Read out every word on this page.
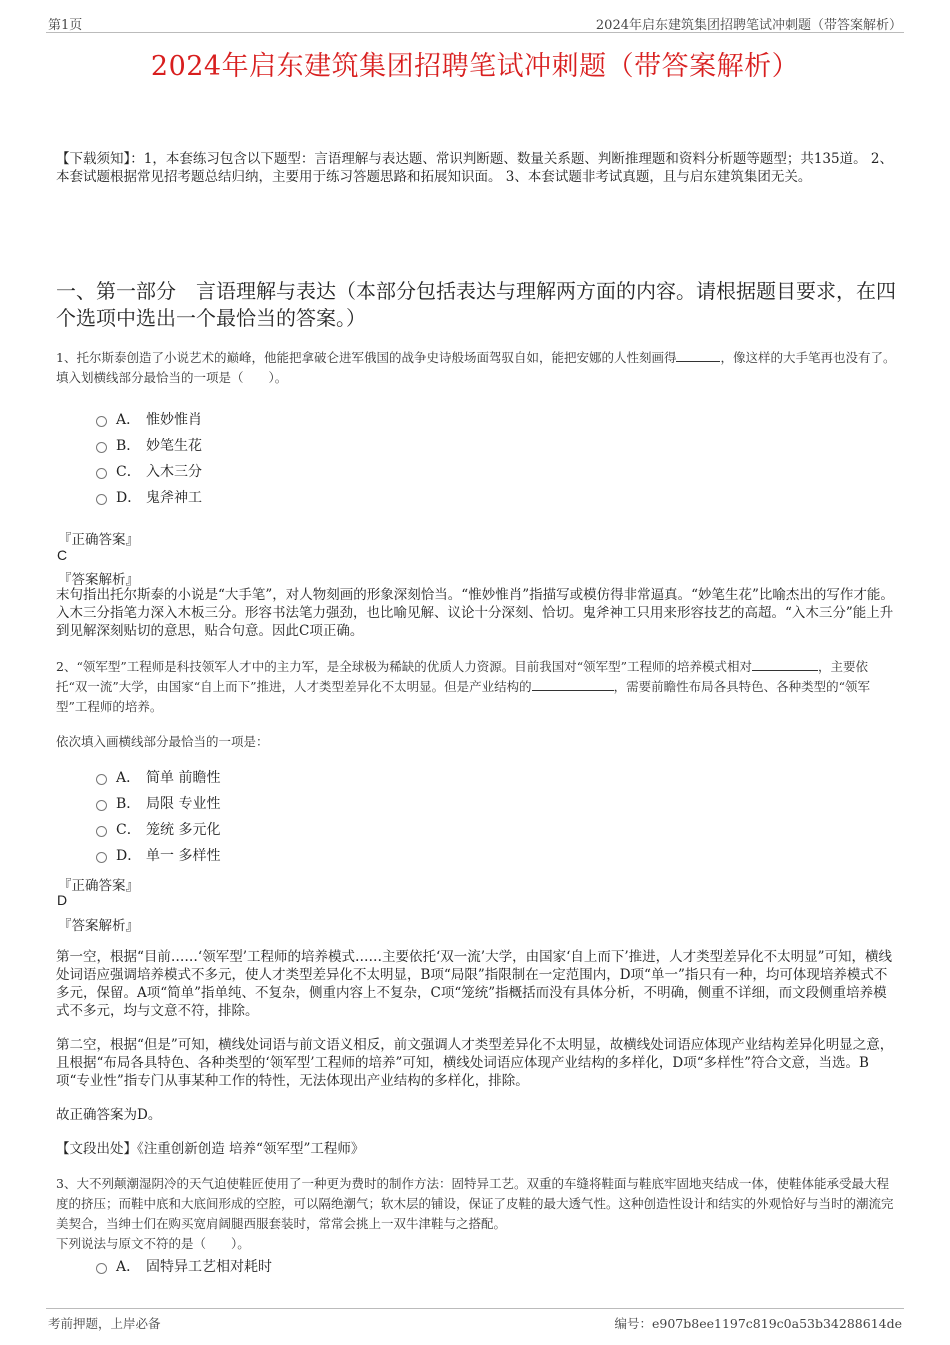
第1页	2024年启东建筑集团招聘笔试冲刺题（带答案解析）
2024年启东建筑集团招聘笔试冲刺题（带答案解析）
【下载须知】：1，本套练习包含以下题型：言语理解与表达题、常识判断题、数量关系题、判断推理题和资料分析题等题型；共135道。 2、本套试题根据常见招考题总结归纳，主要用于练习答题思路和拓展知识面。 3、本套试题非考试真题，且与启东建筑集团无关。
一、第一部分　言语理解与表达（本部分包括表达与理解两方面的内容。请根据题目要求，在四个选项中选出一个最恰当的答案。）
1、托尔斯泰创造了小说艺术的巅峰，他能把拿破仑进军俄国的战争史诗般场面驾驭自如，能把安娜的人性刻画得	，像这样的大手笔再也没有了。
填入划横线部分最恰当的一项是（　　）。
A． 惟妙惟肖
B． 妙笔生花
C． 入木三分
D． 鬼斧神工
『正确答案』
C
『答案解析』
末句指出托尔斯泰的小说是“大手笔”，对人物刻画的形象深刻恰当。“惟妙惟肖”指描写或模仿得非常逼真。“妙笔生花”比喻杰出的写作才能。入木三分指笔力深入木板三分。形容书法笔力强劲，也比喻见解、议论十分深刻、恰切。鬼斧神工只用来形容技艺的高超。“入木三分”能上升到见解深刻贴切的意思，贴合句意。因此C项正确。
2、“领军型”工程师是科技领军人才中的主力军，是全球极为稀缺的优质人力资源。目前我国对“领军型”工程师的培养模式相对	，主要依托“双一流”大学，由国家“自上而下”推进，人才类型差异化不太明显。但是产业结构的	，需要前瞻性布局各具特色、各种类型的“领军型”工程师的培养。
依次填入画横线部分最恰当的一项是：
A． 简单 前瞻性
B． 局限 专业性
C． 笼统 多元化
D． 单一 多样性
『正确答案』
D
『答案解析』
第一空，根据“目前……‘领军型’工程师的培养模式……主要依托‘双一流’大学，由国家‘自上而下’推进，人才类型差异化不太明显”可知，横线处词语应强调培养模式不多元，使人才类型差异化不太明显，B项“局限”指限制在一定范围内，D项“单一”指只有一种，均可体现培养模式不多元，保留。A项“简单”指单纯、不复杂，侧重内容上不复杂，C项“笼统”指概括而没有具体分析，不明确，侧重不详细，而文段侧重培养模式不多元，均与文意不符，排除。
第二空，根据“但是”可知，横线处词语与前文语义相反，前文强调人才类型差异化不太明显，故横线处词语应体现产业结构差异化明显之意，且根据“布局各具特色、各种类型的‘领军型’工程师的培养”可知，横线处词语应体现产业结构的多样化，D项“多样性”符合文意，当选。B项“专业性”指专门从事某种工作的特性，无法体现出产业结构的多样化，排除。
故正确答案为D。
【文段出处】《注重创新创造 培养“领军型”工程师》
3、大不列颠潮湿阴冷的天气迫使鞋匠使用了一种更为费时的制作方法：固特异工艺。双重的车缝将鞋面与鞋底牢固地夹结成一体，使鞋体能承受最大程度的挤压；而鞋中底和大底间形成的空腔，可以隔绝潮气；软木层的铺设，保证了皮鞋的最大透气性。这种创造性设计和结实的外观恰好与当时的潮流完美契合，当绅士们在购买宽肩阔腿西服套装时，常常会挑上一双牛津鞋与之搭配。
下列说法与原文不符的是（　　）。
A． 固特异工艺相对耗时
考前押题，上岸必备	编号：e907b8ee1197c819c0a53b34288614de
